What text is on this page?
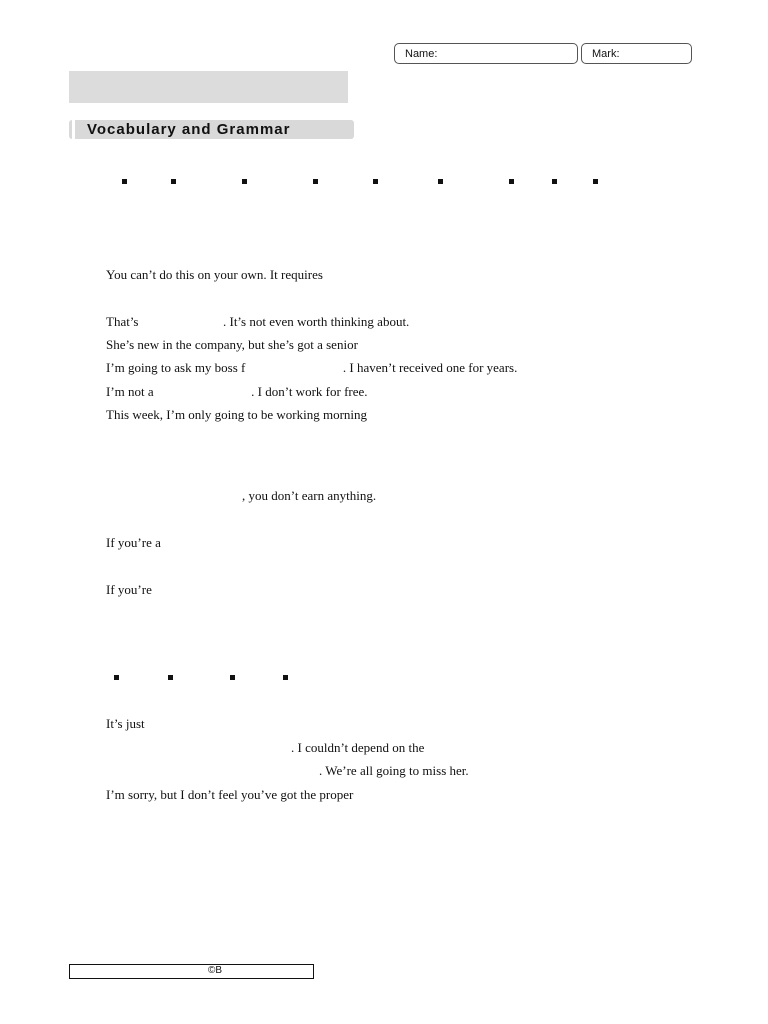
Name:	Mark:
Vocabulary and Grammar
You can’t do this on your own. It requires
That’s                          . It’s not even worth thinking about.
She’s new in the company, but she’s got a senior
I’m going to ask my boss f                              . I haven’t received one for years.
I’m not a                              . I don’t work for free.
This week, I’m only going to be working morning
, you don’t earn anything.
If you’re a
If you’re
It’s just
. I couldn’t depend on the
. We’re all going to miss her.
I’m sorry, but I don’t feel you’ve got the proper
©B
